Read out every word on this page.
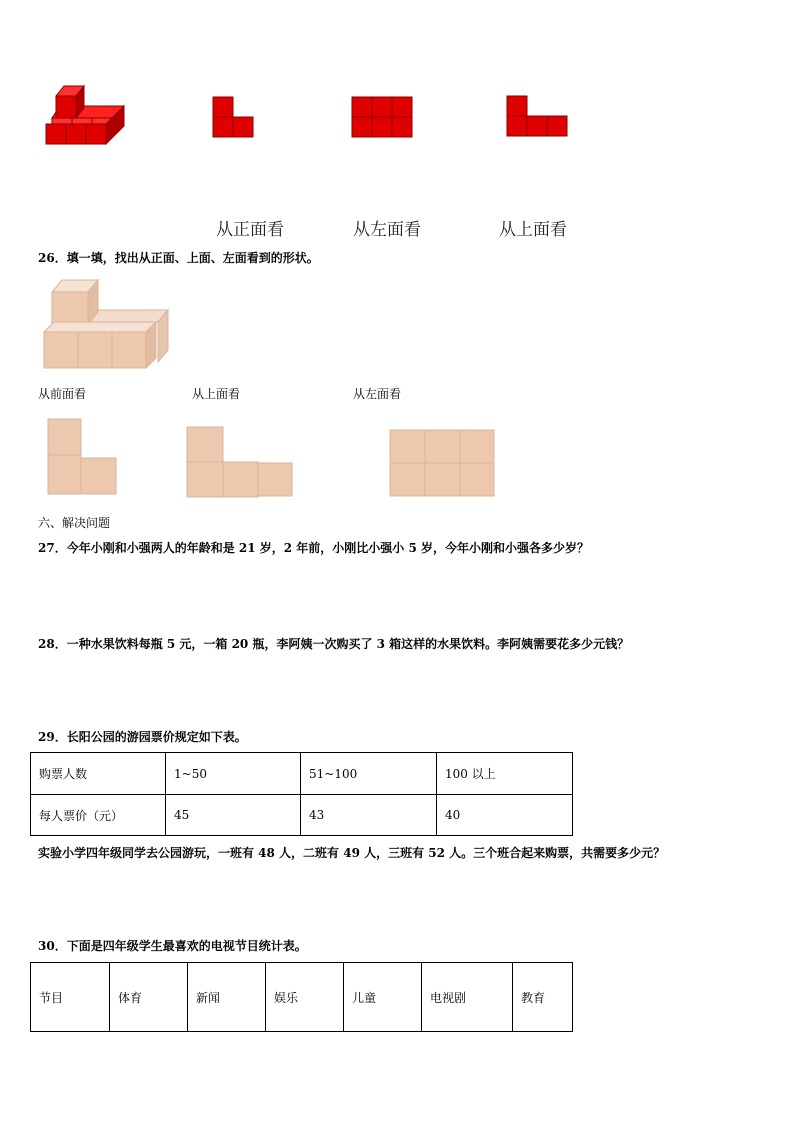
从正面看	从左面看	从上面看
26．填一填，找出从正面、上面、左面看到的形状。
从前面看	从上面看	从左面看
六、解决问题
27．今年小刚和小强两人的年龄和是 21 岁，2 年前，小刚比小强小 5 岁，今年小刚和小强各多少岁？
28．一种水果饮料每瓶 5 元，一箱 20 瓶，李阿姨一次购买了 3 箱这样的水果饮料。李阿姨需要花多少元钱？
29．长阳公园的游园票价规定如下表。
购票人数	1~50	51~100	100 以上
每人票价（元）	45	43	40
实验小学四年级同学去公园游玩，一班有 48 人，二班有 49 人，三班有 52 人。三个班合起来购票，共需要多少元？
30．下面是四年级学生最喜欢的电视节目统计表。
节目	体育	新闻	娱乐	儿童	电视剧	教育
